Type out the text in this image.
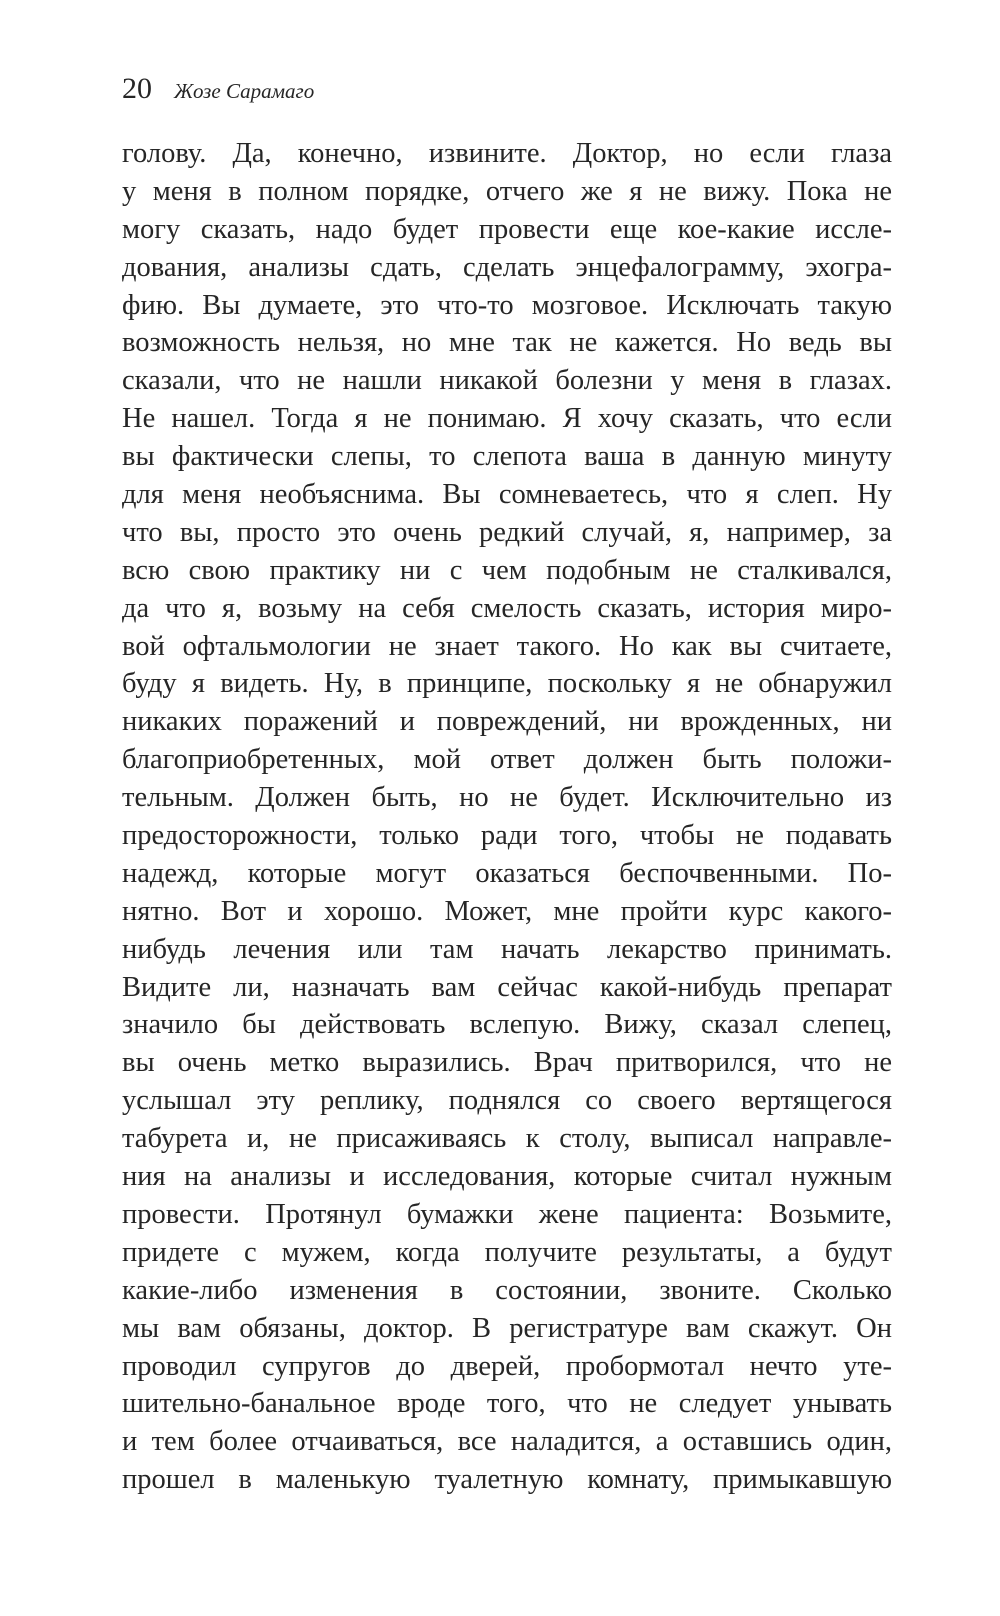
20 Жозе Сарамаго
голову. Да, конечно, извините. Доктор, но если глаза
у меня в полном порядке, отчего же я не вижу. Пока не
могу сказать, надо будет провести еще кое-какие иссле-
дования, анализы сдать, сделать энцефалограмму, эхогра-
фию. Вы думаете, это что-то мозговое. Исключать такую
возможность нельзя, но мне так не кажется. Но ведь вы
сказали, что не нашли никакой болезни у меня в глазах.
Не нашел. Тогда я не понимаю. Я хочу сказать, что если
вы фактически слепы, то слепота ваша в данную минуту
для меня необъяснима. Вы сомневаетесь, что я слеп. Ну
что вы, просто это очень редкий случай, я, например, за
всю свою практику ни с чем подобным не сталкивался,
да что я, возьму на себя смелость сказать, история миро-
вой офтальмологии не знает такого. Но как вы считаете,
буду я видеть. Ну, в принципе, поскольку я не обнаружил
никаких поражений и повреждений, ни врожденных, ни
благоприобретенных, мой ответ должен быть положи-
тельным. Должен быть, но не будет. Исключительно из
предосторожности, только ради того, чтобы не подавать
надежд, которые могут оказаться беспочвенными. По-
нятно. Вот и хорошо. Может, мне пройти курс какого-
нибудь лечения или там начать лекарство принимать.
Видите ли, назначать вам сейчас какой-нибудь препарат
значило бы действовать вслепую. Вижу, сказал слепец,
вы очень метко выразились. Врач притворился, что не
услышал эту реплику, поднялся со своего вертящегося
табурета и, не присаживаясь к столу, выписал направле-
ния на анализы и исследования, которые считал нужным
провести. Протянул бумажки жене пациента: Возьмите,
придете с мужем, когда получите результаты, а будут
какие-либо изменения в состоянии, звоните. Сколько
мы вам обязаны, доктор. В регистратуре вам скажут. Он
проводил супругов до дверей, пробормотал нечто уте-
шительно-банальное вроде того, что не следует унывать
и тем более отчаиваться, все наладится, а оставшись один,
прошел в маленькую туалетную комнату, примыкавшую
